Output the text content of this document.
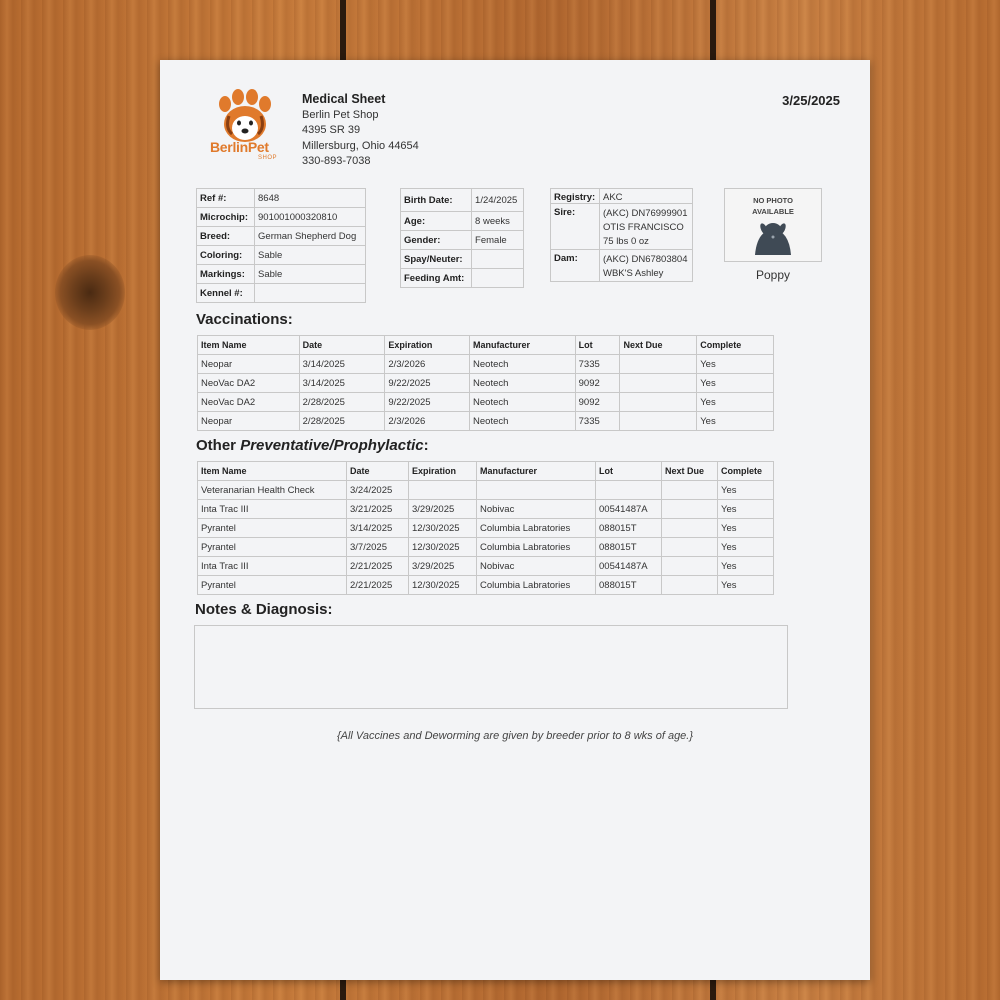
BerlinPet
SHOP
Medical Sheet
Berlin Pet Shop
4395 SR 39
Millersburg, Ohio 44654
330-893-7038
3/25/2025
Ref #:	8648
Microchip:	901001000320810
Breed:	German Shepherd Dog
Coloring:	Sable
Markings:	Sable
Kennel #:	
Birth Date:	1/24/2025
Age:	8 weeks
Gender:	Female
Spay/Neuter:	
Feeding Amt:	
Registry:	AKC
Sire:	(AKC) DN76999901
OTIS FRANCISCO
75 lbs 0 oz

Dam:	(AKC) DN67803804
WBK'S Ashley
NO PHOTO
AVAILABLE
Poppy
Vaccinations:
Item Name	Date	Expiration	Manufacturer	Lot	Next Due	Complete
Neopar	3/14/2025	2/3/2026	Neotech	7335		Yes
NeoVac DA2	3/14/2025	9/22/2025	Neotech	9092		Yes
NeoVac DA2	2/28/2025	9/22/2025	Neotech	9092		Yes
Neopar	2/28/2025	2/3/2026	Neotech	7335		Yes
Other Preventative/Prophylactic:
Item Name	Date	Expiration	Manufacturer	Lot	Next Due	Complete
Veteranarian Health Check	3/24/2025					Yes
Inta Trac III	3/21/2025	3/29/2025	Nobivac	00541487A		Yes
Pyrantel	3/14/2025	12/30/2025	Columbia Labratories	088015T		Yes
Pyrantel	3/7/2025	12/30/2025	Columbia Labratories	088015T		Yes
Inta Trac III	2/21/2025	3/29/2025	Nobivac	00541487A		Yes
Pyrantel	2/21/2025	12/30/2025	Columbia Labratories	088015T		Yes
Notes & Diagnosis:
{All Vaccines and Deworming are given by breeder prior to 8 wks of age.}
